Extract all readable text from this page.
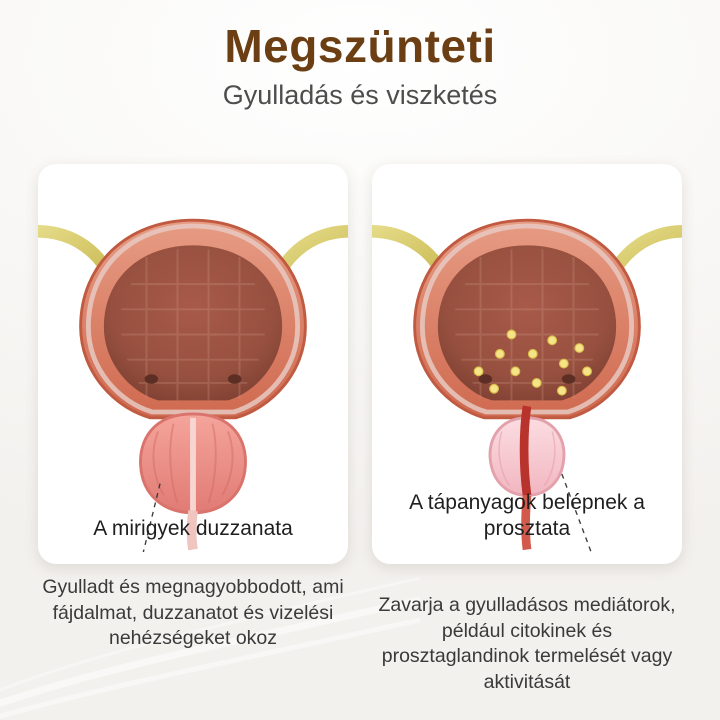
Megszünteti
Gyulladás és viszketés
A mirigyek duzzanata
A tápanyagok belépnek a prosztata
Gyulladt és megnagyobbodott, ami fájdalmat, duzzanatot és vizelési nehézségeket okoz
Zavarja a gyulladásos mediátorok, például citokinek és prosztaglandinok termelését vagy aktivitását
